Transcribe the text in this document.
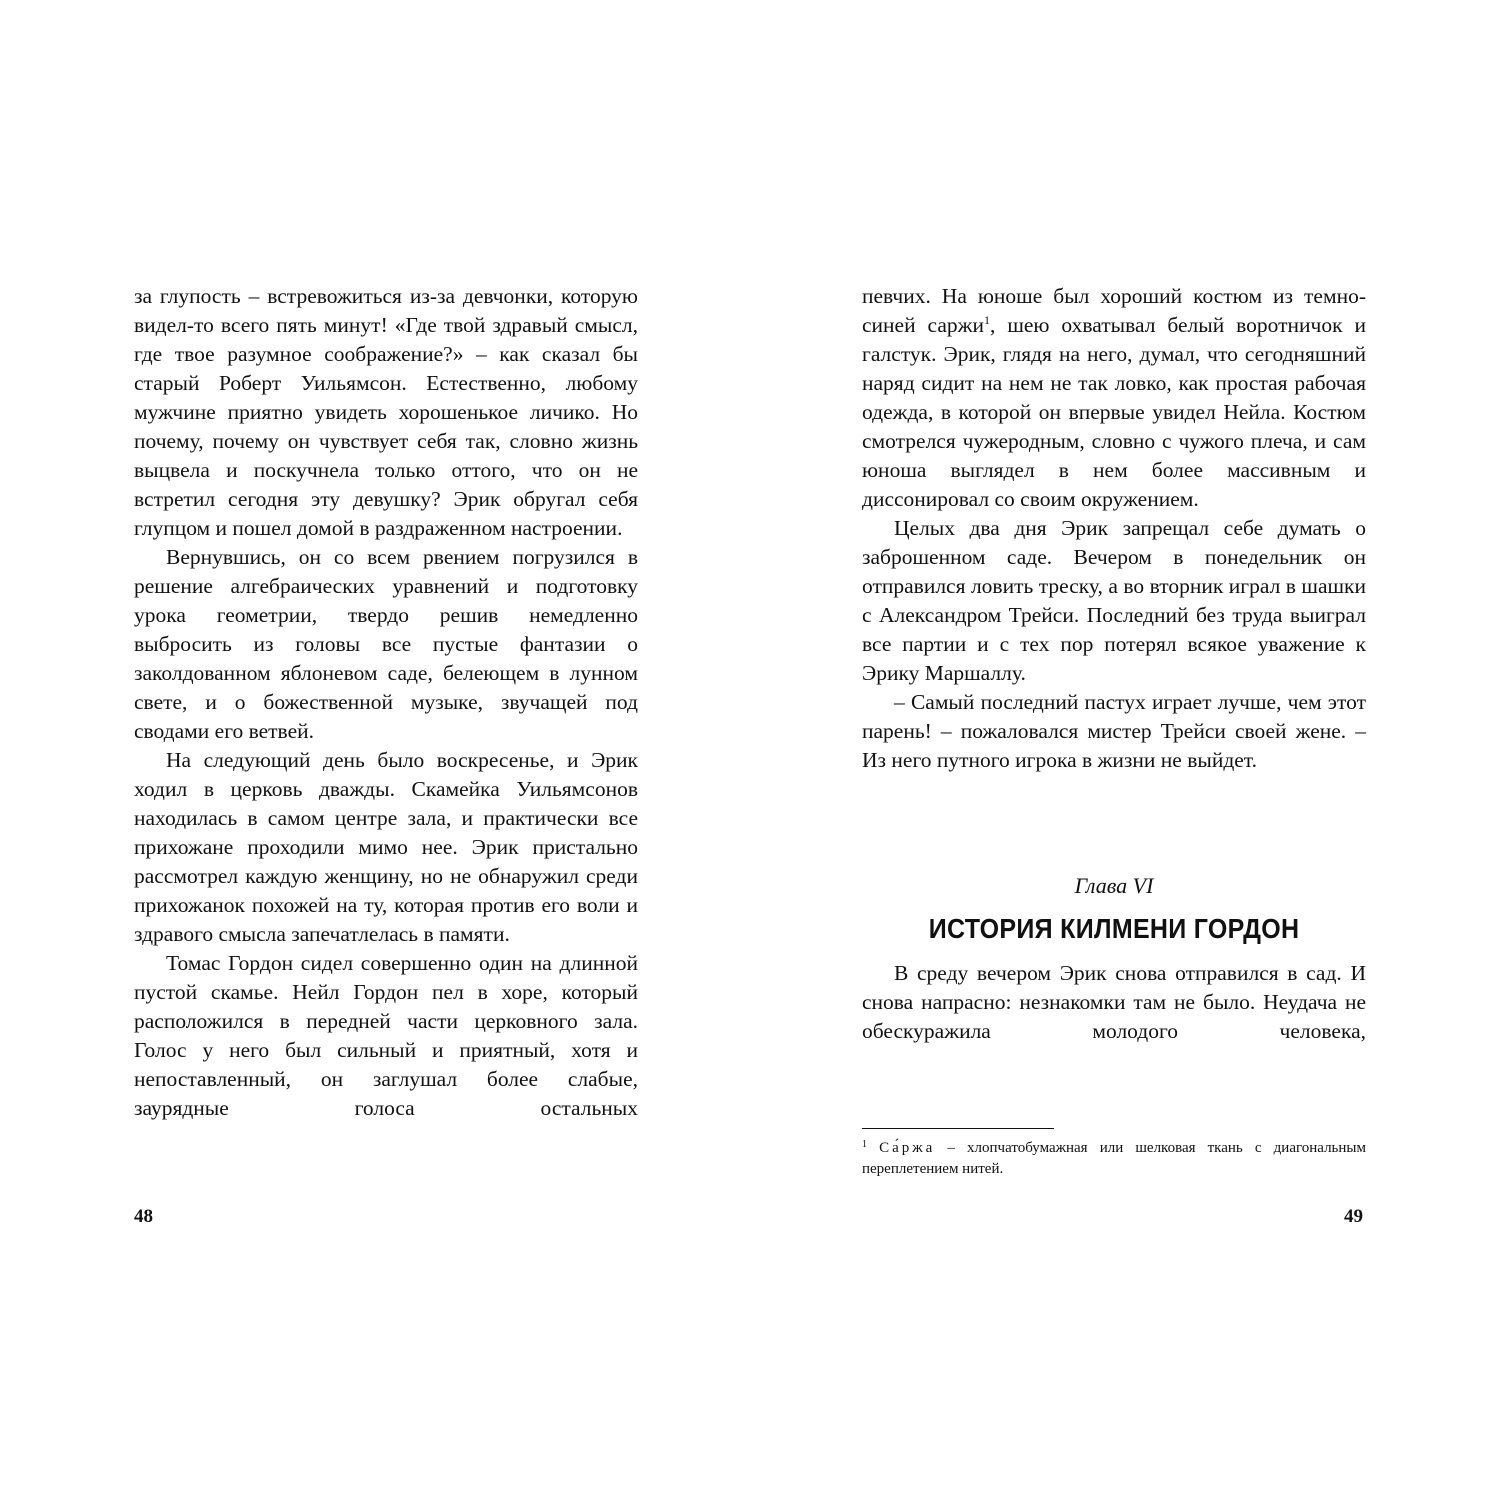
за глупость – встревожиться из-за девчонки, которую видел-то всего пять минут! «Где твой здравый смысл, где твое разумное соображение?» – как сказал бы старый Роберт Уильямсон. Естественно, любому мужчине приятно увидеть хорошенькое личико. Но почему, почему он чувствует себя так, словно жизнь выцвела и поскучнела только оттого, что он не встретил сегодня эту девушку? Эрик обругал себя глупцом и пошел домой в раздраженном настроении.

Вернувшись, он со всем рвением погрузился в решение алгебраических уравнений и подготовку урока геометрии, твердо решив немедленно выбросить из головы все пустые фантазии о заколдованном яблоневом саде, белеющем в лунном свете, и о божественной музыке, звучащей под сводами его ветвей.

На следующий день было воскресенье, и Эрик ходил в церковь дважды. Скамейка Уильямсонов находилась в самом центре зала, и практически все прихожане проходили мимо нее. Эрик пристально рассмотрел каждую женщину, но не обнаружил среди прихожанок похожей на ту, которая против его воли и здравого смысла запечатлелась в памяти.

Томас Гордон сидел совершенно один на длинной пустой скамье. Нейл Гордон пел в хоре, который расположился в передней части церковного зала. Голос у него был сильный и приятный, хотя и непоставленный, он заглушал более слабые, заурядные голоса остальных

певчих. На юноше был хороший костюм из темно-синей саржи$^1$, шею охватывал белый воротничок и галстук. Эрик, глядя на него, думал, что сегодняшний наряд сидит на нем не так ловко, как простая рабочая одежда, в которой он впервые увидел Нейла. Костюм смотрелся чужеродным, словно с чужого плеча, и сам юноша выглядел в нем более массивным и диссонировал со своим окружением.

Целых два дня Эрик запрещал себе думать о заброшенном саде. Вечером в понедельник он отправился ловить треску, а во вторник играл в шашки с Александром Трейси. Последний без труда выиграл все партии и с тех пор потерял всякое уважение к Эрику Маршаллу.

– Самый последний пастух играет лучше, чем этот парень! – пожаловался мистер Трейси своей жене. – Из него путного игрока в жизни не выйдет.

Глава VI
ИСТОРИЯ КИЛМЕНИ ГОРДОН

В среду вечером Эрик снова отправился в сад. И снова напрасно: незнакомки там не было. Неудача не обескуражила молодого человека,

$^1$ Са́ржа – хлопчатобумажная или шелковая ткань с диагональным переплетением нитей.
48	49
